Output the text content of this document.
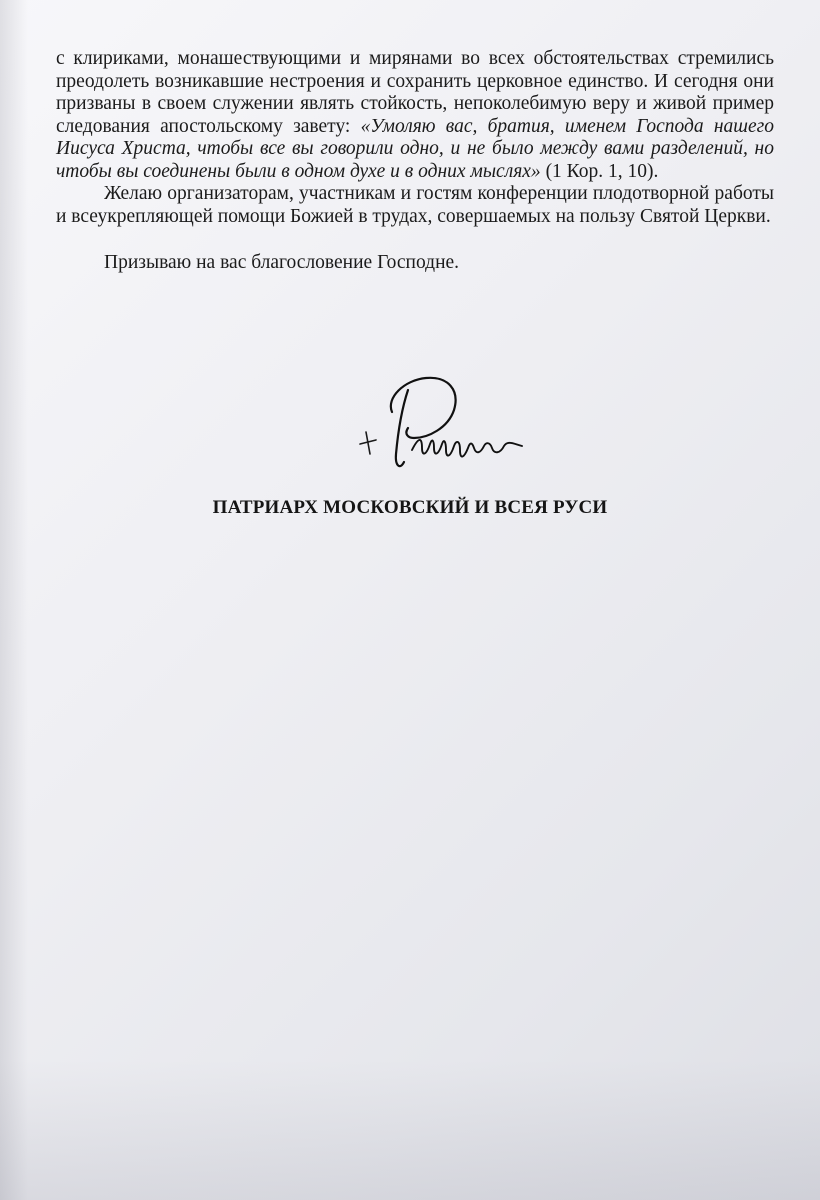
с клириками, монашествующими и мирянами во всех обстоятельствах стремились преодолеть возникавшие нестроения и сохранить церковное единство. И сегодня они призваны в своем служении являть стойкость, непоколебимую веру и живой пример следования апостольскому завету: «Умоляю вас, братия, именем Господа нашего Иисуса Христа, чтобы все вы говорили одно, и не было между вами разделений, но чтобы вы соединены были в одном духе и в одних мыслях» (1 Кор. 1, 10).

Желаю организаторам, участникам и гостям конференции плодотворной работы и всеукрепляющей помощи Божией в трудах, совершаемых на пользу Святой Церкви.

Призываю на вас благословение Господне.

ПАТРИАРХ МОСКОВСКИЙ И ВСЕЯ РУСИ
